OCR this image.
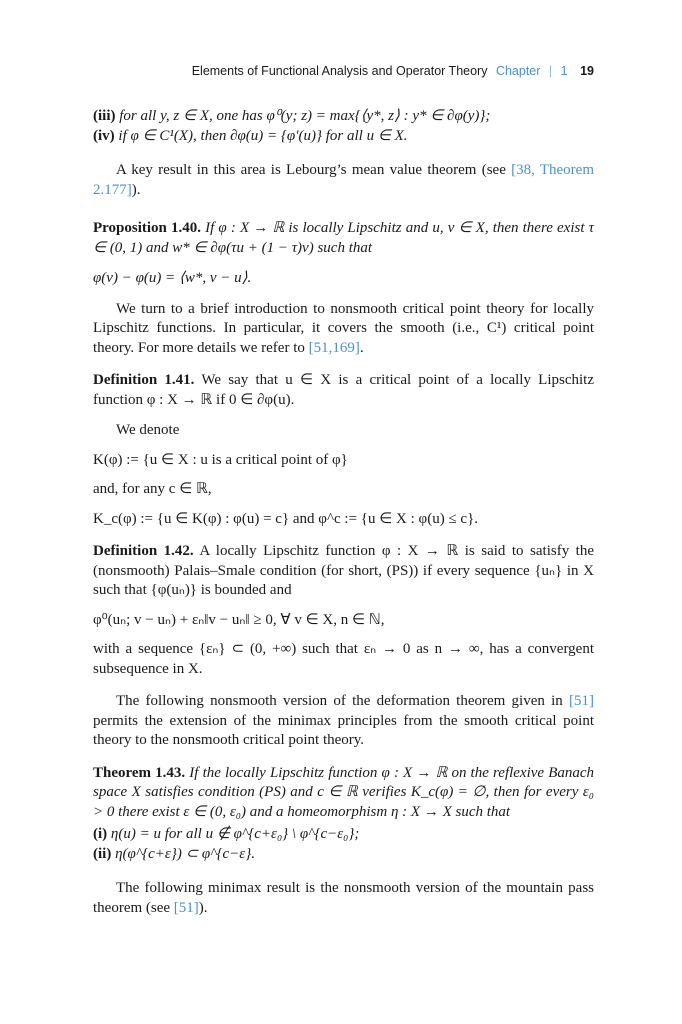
Elements of Functional Analysis and Operator Theory Chapter | 1 19

(iii) for all y, z ∈ X, one has φ⁰(y; z) = max{⟨y*, z⟩ : y* ∈ ∂φ(y)};

(iv) if φ ∈ C¹(X), then ∂φ(u) = {φ′(u)} for all u ∈ X.

A key result in this area is Lebourg’s mean value theorem (see [38, Theorem 2.177]).

Proposition 1.40. If φ : X → ℝ is locally Lipschitz and u, v ∈ X, then there exist τ ∈ (0, 1) and w* ∈ ∂φ(τu + (1 − τ)v) such that

φ(v) − φ(u) = ⟨w*, v − u⟩.

We turn to a brief introduction to nonsmooth critical point theory for locally Lipschitz functions. In particular, it covers the smooth (i.e., C¹) critical point theory. For more details we refer to [51,169].

Definition 1.41. We say that u ∈ X is a critical point of a locally Lipschitz function φ : X → ℝ if 0 ∈ ∂φ(u).

We denote

K(φ) := {u ∈ X : u is a critical point of φ}

and, for any c ∈ ℝ,

K_c(φ) := {u ∈ K(φ) : φ(u) = c} and φ^c := {u ∈ X : φ(u) ≤ c}.

Definition 1.42. A locally Lipschitz function φ : X → ℝ is said to satisfy the (nonsmooth) Palais–Smale condition (for short, (PS)) if every sequence {uₙ} in X such that {φ(uₙ)} is bounded and

φ⁰(uₙ; v − uₙ) + εₙ‖v − uₙ‖ ≥ 0, ∀ v ∈ X, n ∈ ℕ,

with a sequence {εₙ} ⊂ (0, +∞) such that εₙ → 0 as n → ∞, has a convergent subsequence in X.

The following nonsmooth version of the deformation theorem given in [51] permits the extension of the minimax principles from the smooth critical point theory to the nonsmooth critical point theory.

Theorem 1.43. If the locally Lipschitz function φ : X → ℝ on the reflexive Banach space X satisfies condition (PS) and c ∈ ℝ verifies K_c(φ) = ∅, then for every ε₀ > 0 there exist ε ∈ (0, ε₀) and a homeomorphism η : X → X such that

(i) η(u) = u for all u ∉ φ^{c+ε₀} \ φ^{c−ε₀};

(ii) η(φ^{c+ε}) ⊂ φ^{c−ε}.

The following minimax result is the nonsmooth version of the mountain pass theorem (see [51]).
